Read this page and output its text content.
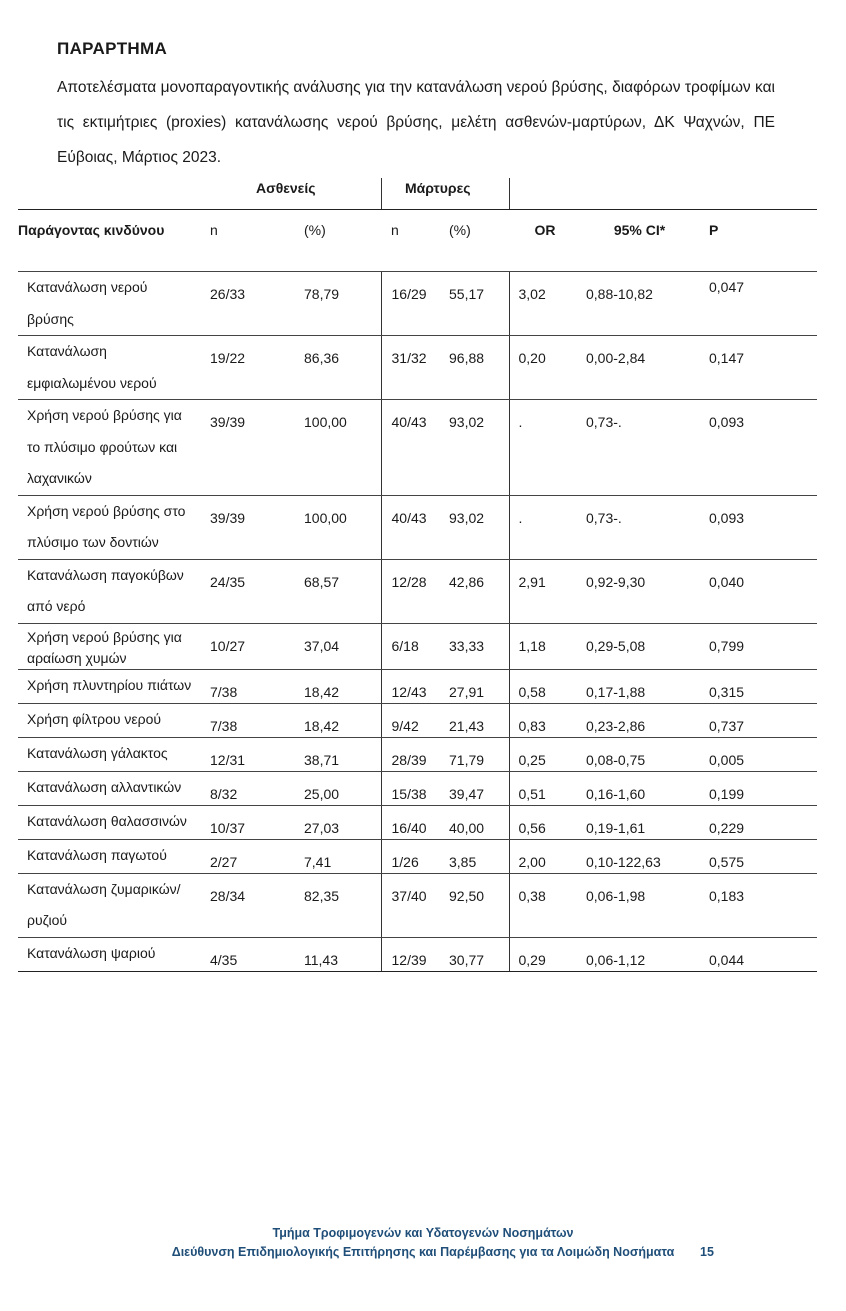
ΠΑΡΑΡΤΗΜΑ
Αποτελέσματα μονοπαραγοντικής ανάλυσης για την κατανάλωση νερού βρύσης, διαφόρων τροφίμων και τις εκτιμήτριες (proxies) κατανάλωσης νερού βρύσης, μελέτη ασθενών-μαρτύρων, ΔΚ Ψαχνών, ΠΕ Εύβοιας, Μάρτιος 2023.
Ασθενείς	Μάρτυρες
Παράγοντας κινδύνου	n	(%)	n	(%)	OR	95% CI*	P
Κατανάλωση νερού βρύσης	26/33	78,79	16/29	55,17	3,02	0,88-10,82	0,047
Κατανάλωση εμφιαλωμένου νερού	19/22	86,36	31/32	96,88	0,20	0,00-2,84	0,147
Χρήση νερού βρύσης για το πλύσιμο φρούτων και λαχανικών	39/39	100,00	40/43	93,02	.	0,73-.	0,093
Χρήση νερού βρύσης στο πλύσιμο των δοντιών	39/39	100,00	40/43	93,02	.	0,73-.	0,093
Κατανάλωση παγοκύβων από νερό	24/35	68,57	12/28	42,86	2,91	0,92-9,30	0,040
Χρήση νερού βρύσης για αραίωση χυμών	10/27	37,04	6/18	33,33	1,18	0,29-5,08	0,799
Χρήση πλυντηρίου πιάτων	7/38	18,42	12/43	27,91	0,58	0,17-1,88	0,315
Χρήση φίλτρου νερού	7/38	18,42	9/42	21,43	0,83	0,23-2,86	0,737
Κατανάλωση γάλακτος	12/31	38,71	28/39	71,79	0,25	0,08-0,75	0,005
Κατανάλωση αλλαντικών	8/32	25,00	15/38	39,47	0,51	0,16-1,60	0,199
Κατανάλωση θαλασσινών	10/37	27,03	16/40	40,00	0,56	0,19-1,61	0,229
Κατανάλωση παγωτού	2/27	7,41	1/26	3,85	2,00	0,10-122,63	0,575
Κατανάλωση ζυμαρικών/ρυζιού	28/34	82,35	37/40	92,50	0,38	0,06-1,98	0,183
Κατανάλωση ψαριού	4/35	11,43	12/39	30,77	0,29	0,06-1,12	0,044
Τμήμα Τροφιμογενών και Υδατογενών Νοσημάτων
Διεύθυνση Επιδημιολογικής Επιτήρησης και Παρέμβασης για τα Λοιμώδη Νοσήματα	15
